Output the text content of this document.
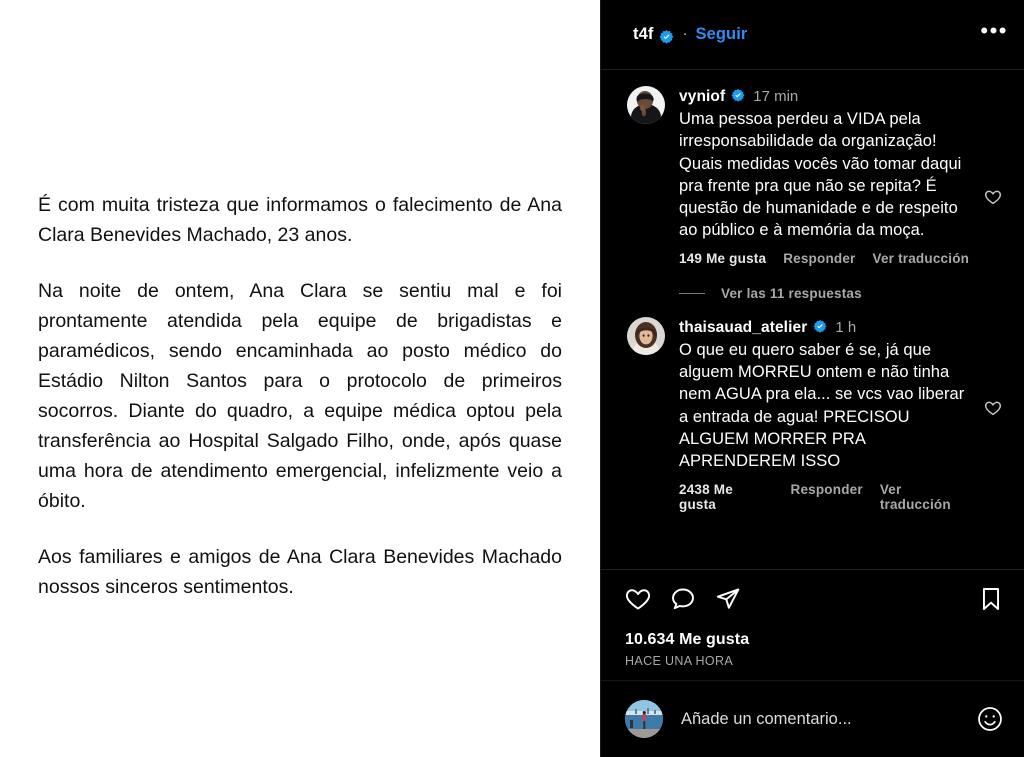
É com muita tristeza que informamos o falecimento de Ana Clara Benevides Machado, 23 anos.

Na noite de ontem, Ana Clara se sentiu mal e foi prontamente atendida pela equipe de brigadistas e paramédicos, sendo encaminhada ao posto médico do Estádio Nilton Santos para o protocolo de primeiros socorros. Diante do quadro, a equipe médica optou pela transferência ao Hospital Salgado Filho, onde, após quase uma hora de atendimento emergencial, infelizmente veio a óbito.

Aos familiares e amigos de Ana Clara Benevides Machado nossos sinceros sentimentos.

t4f · Seguir	•••
vyniof 17 min
Uma pessoa perdeu a VIDA pela irresponsabilidade da organização! Quais medidas vocês vão tomar daqui pra frente pra que não se repita? É questão de humanidade e de respeito ao público e à memória da moça.
149 Me gusta Responder Ver traducción
Ver las 11 respuestas
thaisauad_atelier 1 h
O que eu quero saber é se, já que alguem MORREU ontem e não tinha nem AGUA pra ela... se vcs vao liberar a entrada de agua! PRECISOU ALGUEM MORRER PRA APRENDEREM ISSO
2438 Me gusta
Responder Ver traducción
10.634 Me gusta
HACE UNA HORA
Añade un comentario...
